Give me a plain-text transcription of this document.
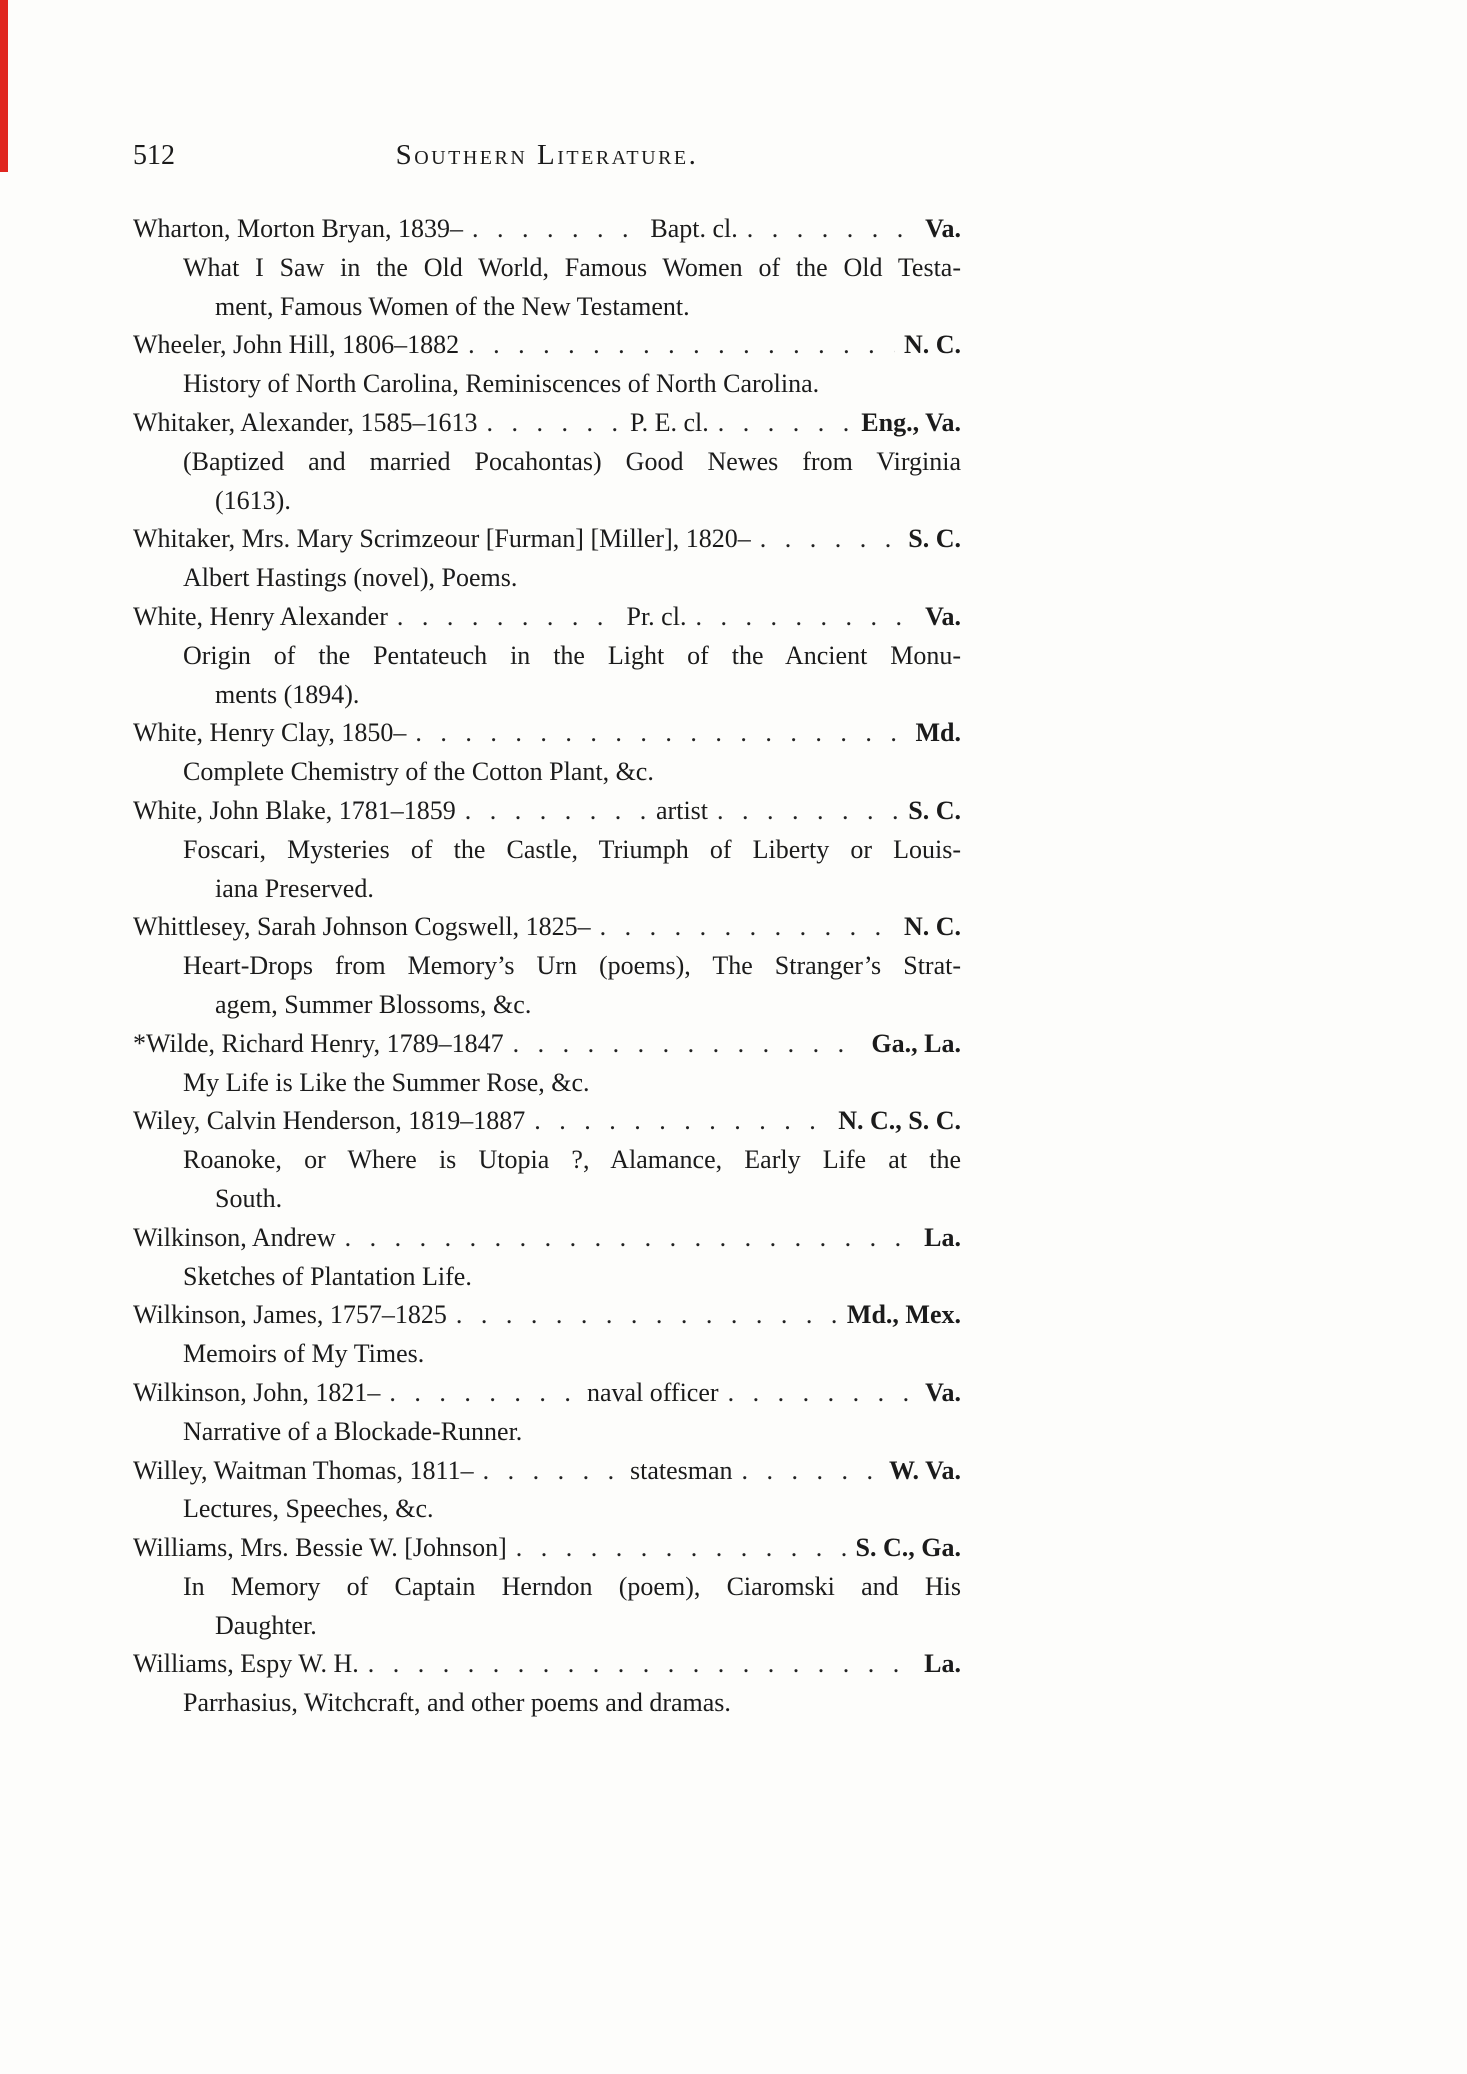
512	Southern Literature.
Wharton, Morton Bryan, 1839– . . .	Bapt. cl. . . .	Va.
What I Saw in the Old World, Famous Women of the Old Testa-
ment, Famous Women of the New Testament.
Wheeler, John Hill, 1806–1882 . . .	N. C.
History of North Carolina, Reminiscences of North Carolina.
Whitaker, Alexander, 1585–1613 . . .	P. E. cl. . . .	Eng., Va.
(Baptized and married Pocahontas) Good Newes from Virginia
(1613).
Whitaker, Mrs. Mary Scrimzeour [Furman] [Miller], 1820– . . .	S. C.
Albert Hastings (novel), Poems.
White, Henry Alexander . . .	Pr. cl. . . .	Va.
Origin of the Pentateuch in the Light of the Ancient Monu-
ments (1894).
White, Henry Clay, 1850– . . .	Md.
Complete Chemistry of the Cotton Plant, &c.
White, John Blake, 1781–1859 . . .	artist . . .	S. C.
Foscari, Mysteries of the Castle, Triumph of Liberty or Louis-
iana Preserved.
Whittlesey, Sarah Johnson Cogswell, 1825– . . .	N. C.
Heart-Drops from Memory’s Urn (poems), The Stranger’s Strat-
agem, Summer Blossoms, &c.
*Wilde, Richard Henry, 1789–1847 . . .	Ga., La.
My Life is Like the Summer Rose, &c.
Wiley, Calvin Henderson, 1819–1887 . . .	N. C., S. C.
Roanoke, or Where is Utopia ?, Alamance, Early Life at the
South.
Wilkinson, Andrew . . .	La.
Sketches of Plantation Life.
Wilkinson, James, 1757–1825 . . .	Md., Mex.
Memoirs of My Times.
Wilkinson, John, 1821– . . .	naval officer . . .	Va.
Narrative of a Blockade-Runner.
Willey, Waitman Thomas, 1811– . . .	statesman . . .	W. Va.
Lectures, Speeches, &c.
Williams, Mrs. Bessie W. [Johnson] . . .	S. C., Ga.
In Memory of Captain Herndon (poem), Ciaromski and His
Daughter.
Williams, Espy W. H. . . .	La.
Parrhasius, Witchcraft, and other poems and dramas.
